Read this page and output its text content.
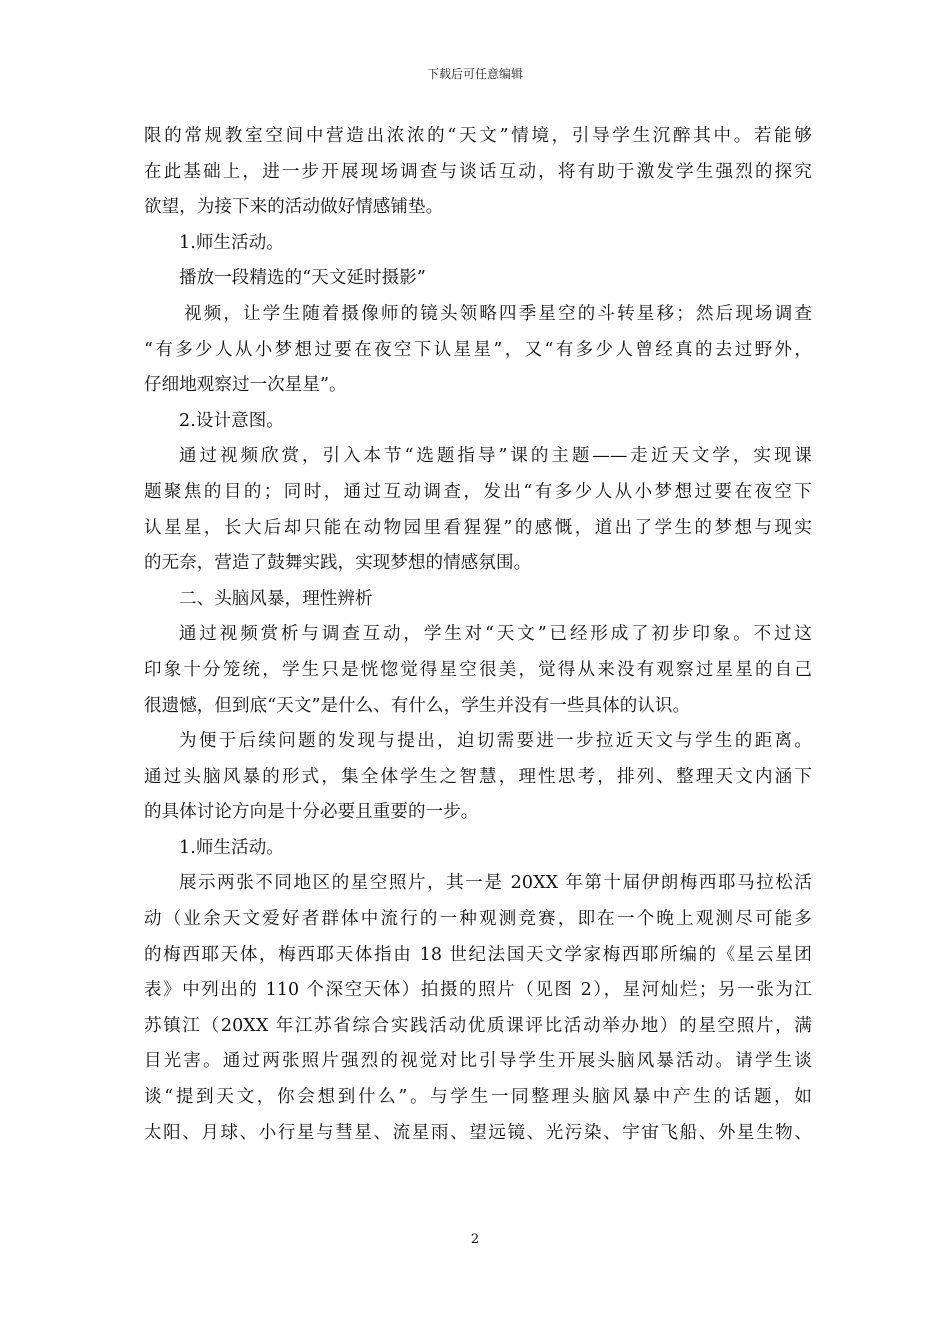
下载后可任意编辑
限的常规教室空间中营造出浓浓的“天文”情境，引导学生沉醉其中。若能够
在此基础上，进一步开展现场调查与谈话互动，将有助于激发学生强烈的探究
欲望，为接下来的活动做好情感铺垫。
1.师生活动。
播放一段精选的“天文延时摄影”
视频，让学生随着摄像师的镜头领略四季星空的斗转星移；然后现场调查
“有多少人从小梦想过要在夜空下认星星”，又“有多少人曾经真的去过野外，
仔细地观察过一次星星”。
2.设计意图。
通过视频欣赏，引入本节“选题指导”课的主题——走近天文学，实现课
题聚焦的目的；同时，通过互动调查，发出“有多少人从小梦想过要在夜空下
认星星，长大后却只能在动物园里看猩猩”的感慨，道出了学生的梦想与现实
的无奈，营造了鼓舞实践，实现梦想的情感氛围。
二、头脑风暴，理性辨析
通过视频赏析与调查互动，学生对“天文”已经形成了初步印象。不过这
印象十分笼统，学生只是恍惚觉得星空很美，觉得从来没有观察过星星的自己
很遗憾，但到底“天文”是什么、有什么，学生并没有一些具体的认识。
为便于后续问题的发现与提出，迫切需要进一步拉近天文与学生的距离。
通过头脑风暴的形式，集全体学生之智慧，理性思考，排列、整理天文内涵下
的具体讨论方向是十分必要且重要的一步。
1.师生活动。
展示两张不同地区的星空照片，其一是 20XX 年第十届伊朗梅西耶马拉松活
动（业余天文爱好者群体中流行的一种观测竞赛，即在一个晚上观测尽可能多
的梅西耶天体，梅西耶天体指由 18 世纪法国天文学家梅西耶所编的《星云星团
表》中列出的 110 个深空天体）拍摄的照片（见图 2），星河灿烂；另一张为江
苏镇江（20XX 年江苏省综合实践活动优质课评比活动举办地）的星空照片，满
目光害。通过两张照片强烈的视觉对比引导学生开展头脑风暴活动。请学生谈
谈“提到天文，你会想到什么”。与学生一同整理头脑风暴中产生的话题，如
太阳、月球、小行星与彗星、流星雨、望远镜、光污染、宇宙飞船、外星生物、
2
